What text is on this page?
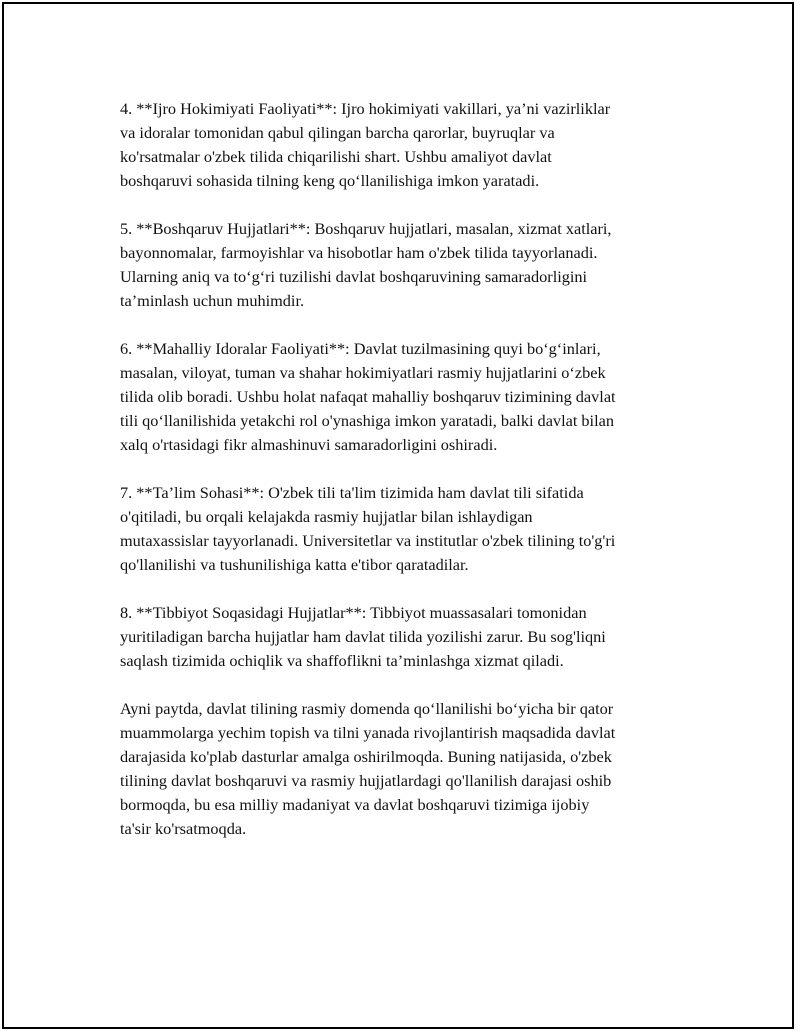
4. **Ijro Hokimiyati Faoliyati**: Ijro hokimiyati vakillari, ya’ni vazirliklar
va idoralar tomonidan qabul qilingan barcha qarorlar, buyruqlar va
ko'rsatmalar o'zbek tilida chiqarilishi shart. Ushbu amaliyot davlat
boshqaruvi sohasida tilning keng qo‘llanilishiga imkon yaratadi.

5. **Boshqaruv Hujjatlari**: Boshqaruv hujjatlari, masalan, xizmat xatlari,
bayonnomalar, farmoyishlar va hisobotlar ham o'zbek tilida tayyorlanadi.
Ularning aniq va to‘g‘ri tuzilishi davlat boshqaruvining samaradorligini
ta’minlash uchun muhimdir.

6. **Mahalliy Idoralar Faoliyati**: Davlat tuzilmasining quyi bo‘g‘inlari,
masalan, viloyat, tuman va shahar hokimiyatlari rasmiy hujjatlarini o‘zbek
tilida olib boradi. Ushbu holat nafaqat mahalliy boshqaruv tizimining davlat
tili qo‘llanilishida yetakchi rol o'ynashiga imkon yaratadi, balki davlat bilan
xalq o'rtasidagi fikr almashinuvi samaradorligini oshiradi.

7. **Ta’lim Sohasi**: O'zbek tili ta'lim tizimida ham davlat tili sifatida
o'qitiladi, bu orqali kelajakda rasmiy hujjatlar bilan ishlaydigan
mutaxassislar tayyorlanadi. Universitetlar va institutlar o'zbek tilining to'g'ri
qo'llanilishi va tushunilishiga katta e'tibor qaratadilar.

8. **Tibbiyot Soqasidagi Hujjatlar**: Tibbiyot muassasalari tomonidan
yuritiladigan barcha hujjatlar ham davlat tilida yozilishi zarur. Bu sog'liqni
saqlash tizimida ochiqlik va shaffoflikni ta’minlashga xizmat qiladi.

Ayni paytda, davlat tilining rasmiy domenda qo‘llanilishi bo‘yicha bir qator
muammolarga yechim topish va tilni yanada rivojlantirish maqsadida davlat
darajasida ko'plab dasturlar amalga oshirilmoqda. Buning natijasida, o'zbek
tilining davlat boshqaruvi va rasmiy hujjatlardagi qo'llanilish darajasi oshib
bormoqda, bu esa milliy madaniyat va davlat boshqaruvi tizimiga ijobiy
ta'sir ko'rsatmoqda.
